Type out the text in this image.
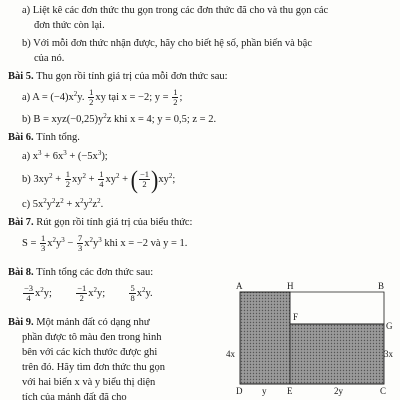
a) Liệt kê các đơn thức thu gọn trong các đơn thức đã cho và thu gọn các
đơn thức còn lại.
b) Với mỗi đơn thức nhận được, hãy cho biết hệ số, phần biến và bậc
của nó.
Bài 5. Thu gọn rồi tính giá trị của mỗi đơn thức sau:
a) $A = (-4)x^2y$. $\frac{1}{2}$ xy tại x = −2; $y = \frac{1}{2}$ ;
b) $B = xyz(-0,25)y^2z$ khi x = 4; y = 0,5; z = 2.
Bài 6. Tính tổng.
a) $x^3 + 6x^3 + (-5x^3)$;
b) $3xy^2 + \frac{1}{2} xy^2 + \frac{1}{4} xy^2$ + ( $\frac{-1}{2} )xy^2$;
c) $5x^2y^2z^2 + x^2y^2z^2$.
Bài 7. Rút gọn rồi tính giá trị của biểu thức:
$S = \frac{1}{3} x^2y^3 - \frac{7}{3} x^2y^3$ khi x = −2 và y = 1.
Bài 8. Tính tổng các đơn thức sau:
$\frac{-3}{4} x^2y$;	$\frac{-1}{2} x^2y$;	$\frac{5}{8} x^2y$.
Bài 9. Một mảnh đất có dạng như
phần được tô màu đen trong hình
bên với các kích thước được ghi
trên đó. Hãy tìm đơn thức thu gọn
với hai biến x và y biểu thị diện
tích của mảnh đất đã cho
A	H	B
F
G
D	E	C
4x	3x
y	2y
